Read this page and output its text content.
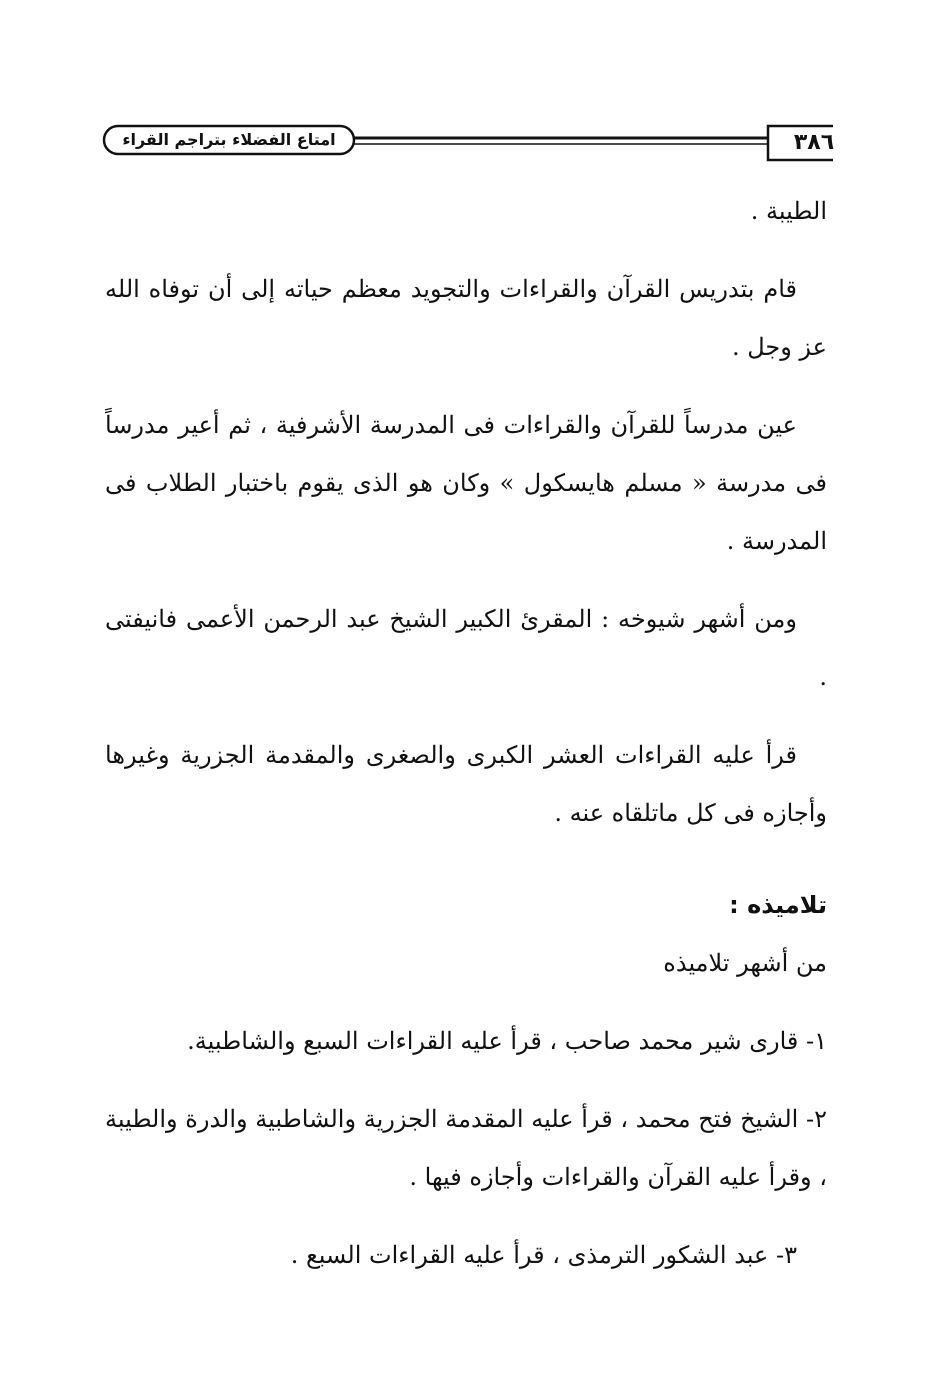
امتاع الفضلاء بتراجم القراء	٣٨٦

الطيبة .

قام بتدريس القرآن والقراءات والتجويد معظم حياته إلى أن توفاه الله عز وجل .

عين مدرساً للقرآن والقراءات فى المدرسة الأشرفية ، ثم أعير مدرساً فى مدرسة « مسلم هايسكول » وكان هو الذى يقوم باختبار الطلاب فى المدرسة .

ومن أشهر شيوخه : المقرئ الكبير الشيخ عبد الرحمن الأعمى فانيفتى .

قرأ عليه القراءات العشر الكبرى والصغرى والمقدمة الجزرية وغيرها وأجازه فى كل ماتلقاه عنه .

تلاميذه :

من أشهر تلاميذه

١- قارى شير محمد صاحب ، قرأ عليه القراءات السبع والشاطبية.

٢- الشيخ فتح محمد ، قرأ عليه المقدمة الجزرية والشاطبية والدرة والطيبة ، وقرأ عليه القرآن والقراءات وأجازه فيها .

٣- عبد الشكور الترمذى ، قرأ عليه القراءات السبع .
